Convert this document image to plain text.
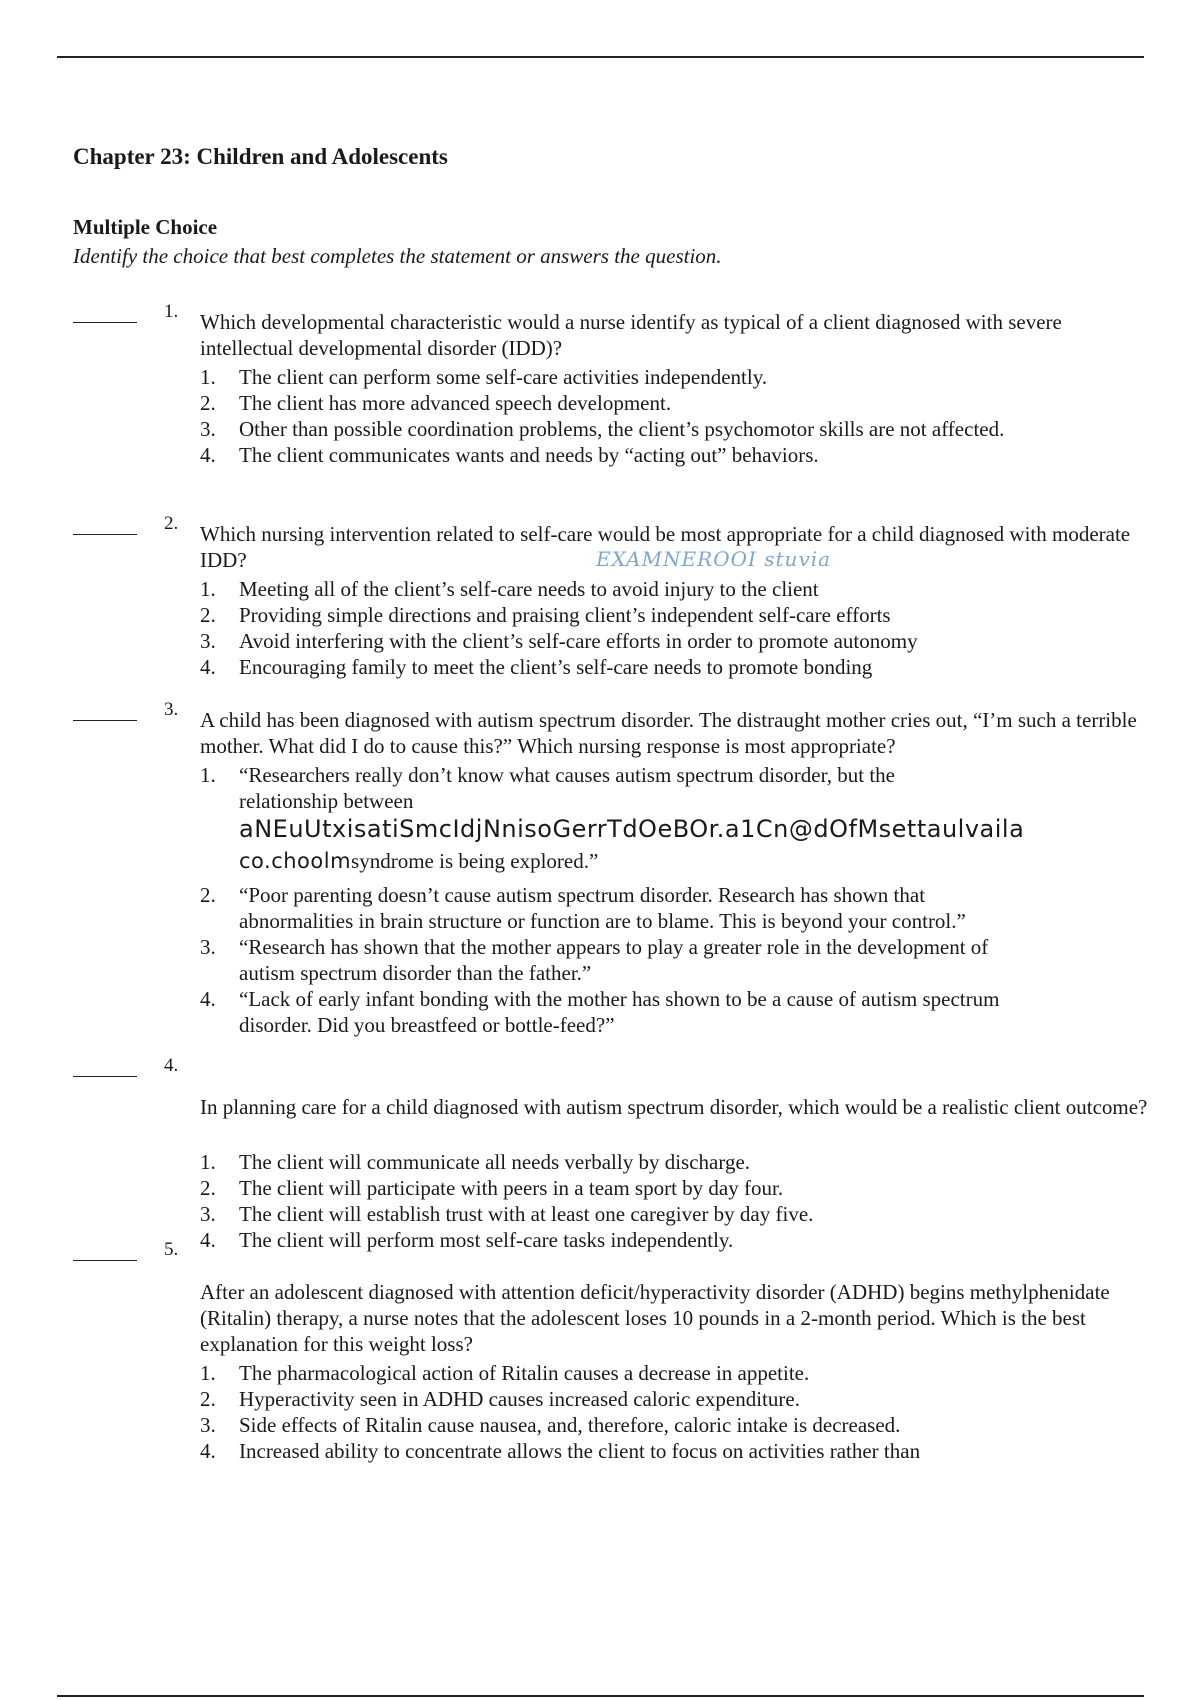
Chapter 23: Children and Adolescents
Multiple Choice
Identify the choice that best completes the statement or answers the question.
1. Which developmental characteristic would a nurse identify as typical of a client diagnosed with severe intellectual developmental disorder (IDD)?
1. The client can perform some self-care activities independently.
2. The client has more advanced speech development.
3. Other than possible coordination problems, the client’s psychomotor skills are not affected.
4. The client communicates wants and needs by “acting out” behaviors.
2. Which nursing intervention related to self-care would be most appropriate for a child diagnosed with moderate IDD?	EXAMNEROOI stuvia
1. Meeting all of the client’s self-care needs to avoid injury to the client
2. Providing simple directions and praising client’s independent self-care efforts
3. Avoid interfering with the client’s self-care efforts in order to promote autonomy
4. Encouraging family to meet the client’s self-care needs to promote bonding
3. A child has been diagnosed with autism spectrum disorder. The distraught mother cries out, “I’m such a terrible mother. What did I do to cause this?” Which nursing response is most appropriate?
1. “Researchers really don’t know what causes autism spectrum disorder, but the relationship between
aNEuUtxisatiSmcIdjNnisoGerrTdOeBOr.a1Cn@dOfMsettaulvaila
co.choolmsyndrome is being explored.”
2. “Poor parenting doesn’t cause autism spectrum disorder. Research has shown that abnormalities in brain structure or function are to blame. This is beyond your control.”
3. “Research has shown that the mother appears to play a greater role in the development of autism spectrum disorder than the father.”
4. “Lack of early infant bonding with the mother has shown to be a cause of autism spectrum disorder. Did you breastfeed or bottle-feed?”
4.
In planning care for a child diagnosed with autism spectrum disorder, which would be a realistic client outcome?
1. The client will communicate all needs verbally by discharge.
2. The client will participate with peers in a team sport by day four.
3. The client will establish trust with at least one caregiver by day five.
4. The client will perform most self-care tasks independently.
5.
After an adolescent diagnosed with attention deficit/hyperactivity disorder (ADHD) begins methylphenidate (Ritalin) therapy, a nurse notes that the adolescent loses 10 pounds in a 2-month period. Which is the best explanation for this weight loss?
1. The pharmacological action of Ritalin causes a decrease in appetite.
2. Hyperactivity seen in ADHD causes increased caloric expenditure.
3. Side effects of Ritalin cause nausea, and, therefore, caloric intake is decreased.
4. Increased ability to concentrate allows the client to focus on activities rather than
